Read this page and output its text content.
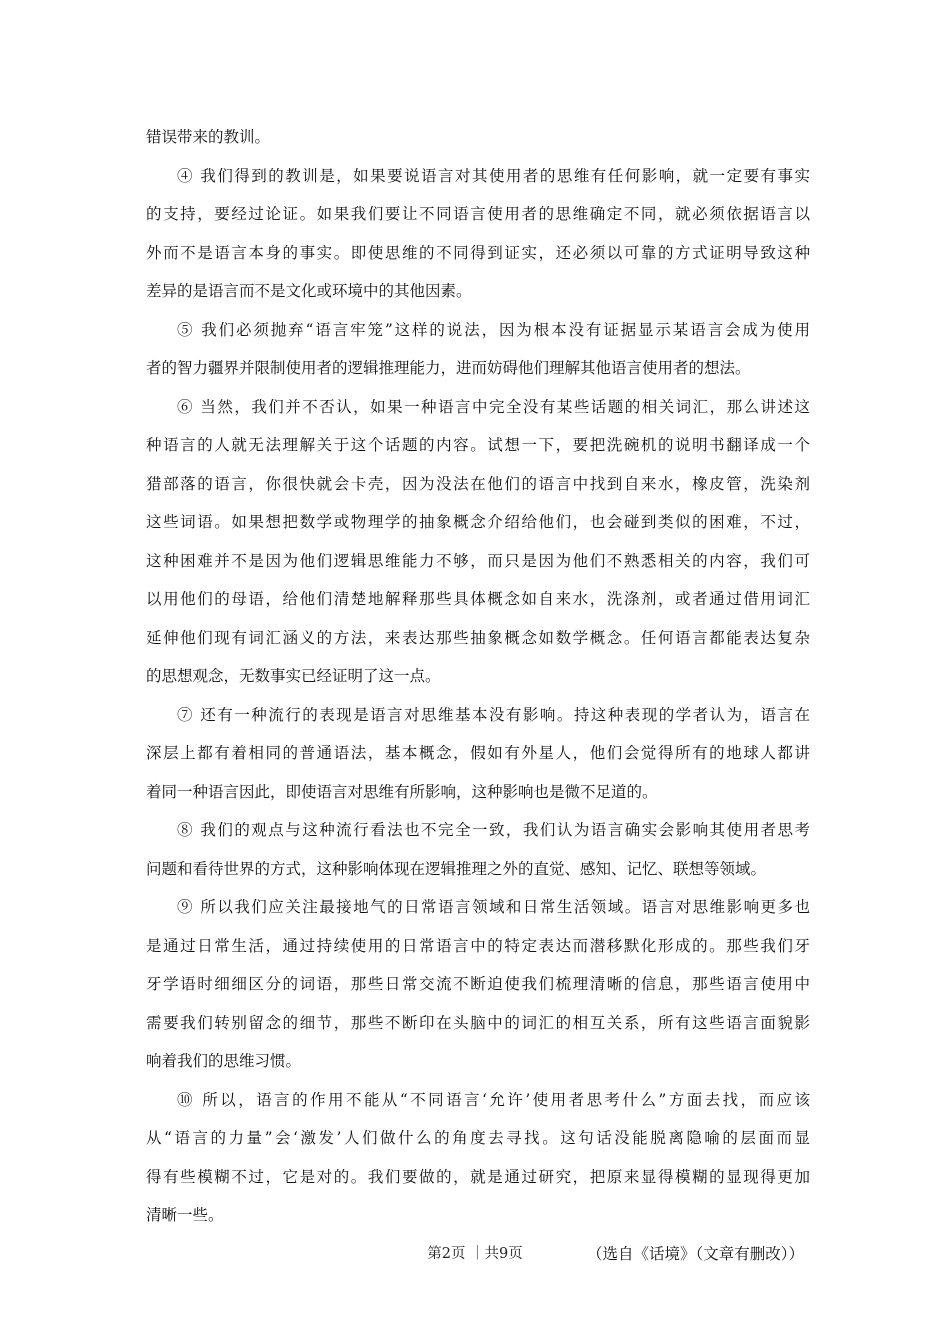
错误带来的教训。
④ 我们得到的教训是，如果要说语言对其使用者的思维有任何影响，就一定要有事实
的支持，要经过论证。如果我们要让不同语言使用者的思维确定不同，就必须依据语言以
外而不是语言本身的事实。即使思维的不同得到证实，还必须以可靠的方式证明导致这种
差异的是语言而不是文化或环境中的其他因素。
⑤ 我们必须抛弃“语言牢笼”这样的说法，因为根本没有证据显示某语言会成为使用
者的智力疆界并限制使用者的逻辑推理能力，进而妨碍他们理解其他语言使用者的想法。
⑥ 当然，我们并不否认，如果一种语言中完全没有某些话题的相关词汇，那么讲述这
种语言的人就无法理解关于这个话题的内容。试想一下，要把洗碗机的说明书翻译成一个
猎部落的语言，你很快就会卡壳，因为没法在他们的语言中找到自来水，橡皮管，洗染剂
这些词语。如果想把数学或物理学的抽象概念介绍给他们，也会碰到类似的困难，不过，
这种困难并不是因为他们逻辑思维能力不够，而只是因为他们不熟悉相关的内容，我们可
以用他们的母语，给他们清楚地解释那些具体概念如自来水，洗涤剂，或者通过借用词汇
延伸他们现有词汇涵义的方法，来表达那些抽象概念如数学概念。任何语言都能表达复杂
的思想观念，无数事实已经证明了这一点。
⑦ 还有一种流行的表现是语言对思维基本没有影响。持这种表现的学者认为，语言在
深层上都有着相同的普通语法，基本概念，假如有外星人，他们会觉得所有的地球人都讲
着同一种语言因此，即使语言对思维有所影响，这种影响也是微不足道的。
⑧ 我们的观点与这种流行看法也不完全一致，我们认为语言确实会影响其使用者思考
问题和看待世界的方式，这种影响体现在逻辑推理之外的直觉、感知、记忆、联想等领域。
⑨ 所以我们应关注最接地气的日常语言领域和日常生活领域。语言对思维影响更多也
是通过日常生活，通过持续使用的日常语言中的特定表达而潜移默化形成的。那些我们牙
牙学语时细细区分的词语，那些日常交流不断迫使我们梳理清晰的信息，那些语言使用中
需要我们转别留念的细节，那些不断印在头脑中的词汇的相互关系，所有这些语言面貌影
响着我们的思维习惯。
⑩ 所以，语言的作用不能从“不同语言‘允许’使用者思考什么”方面去找，而应该
从“语言的力量”会‘激发’人们做什么的角度去寻找。这句话没能脱离隐喻的层面而显
得有些模糊不过，它是对的。我们要做的，就是通过研究，把原来显得模糊的显现得更加
清晰一些。
（选自《话境》（文章有删改））
第2页 ｜共9页
